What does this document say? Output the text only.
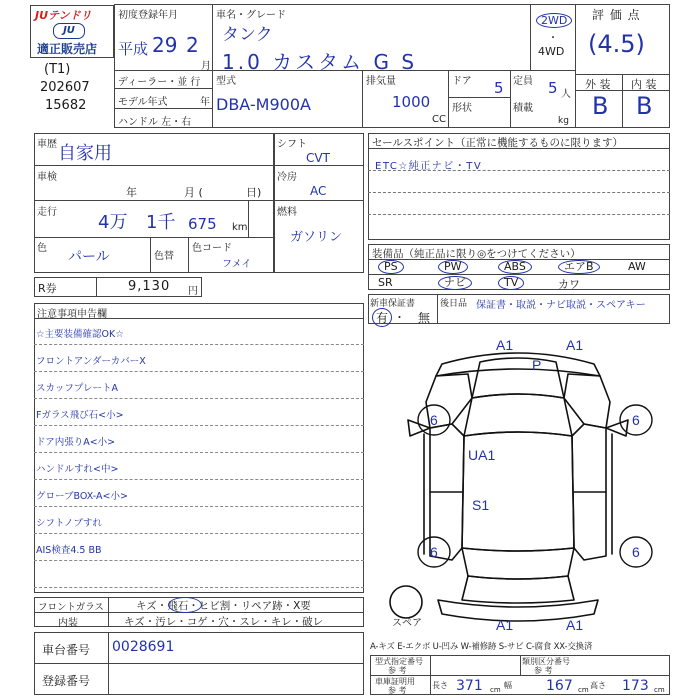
JUテンドリ
JU
適正販売店
(T1)
202607
15682
初度登録年月
平成 29 2
月
車名・グレード
タンク
1.0 カスタム G S
2WD
・
4WD
評 価 点
(4.5)
外 装 内 装
B B
ディーラー・並 行
モデル年式	年
ハンドル 左・右
型式
DBA-M900A
排気量
1000
CC
ドア 5 定員 5 人
形状	積載
kg
車歴 自家用
車検
年	月 (	日)
走行 4万 1千 675 km
色
パール	色替
色コード
フメイ
R券	9,130 円
シフト
CVT
冷房
AC
燃料
ガソリン
セールスポイント（正常に機能するものに限ります）
ETC☆純正ナビ・TV
装備品（純正品に限り◎をつけてください）
PS	PW	ABS	エアB	AW
SR	ナビ	TV	カワ
新車保証書
有 ・ 無
後日品 保証書・取説・ナビ取説・スペアキー
注意事項申告欄
☆主要装備確認OK☆
フロントアンダーカバーX
スカッフプレートA
Fガラス飛び石<小>
ドア内張りA<小>
ハンドルすれ<中>
グローブBOX-A<小>
シフトノブすれ
AIS検査4.5 BB
フロントガラス	キズ・飛石・ヒビ割・リペア跡・X要
内装	キズ・汚レ・コゲ・穴・スレ・キレ・破レ
車台番号 0028691
登録番号
A1	A1
P
6	6
UA1
S1
6	6
A1	A1
スペア
A-キズ E-エクボ U-凹み W-補修跡 S-サビ C-腐食 XX-交換済
型式指定番号
参 考
類別区分番号
参 考
車庫証明用
参 考
長さ 371 cm 幅 167 cm 高さ 173 cm
